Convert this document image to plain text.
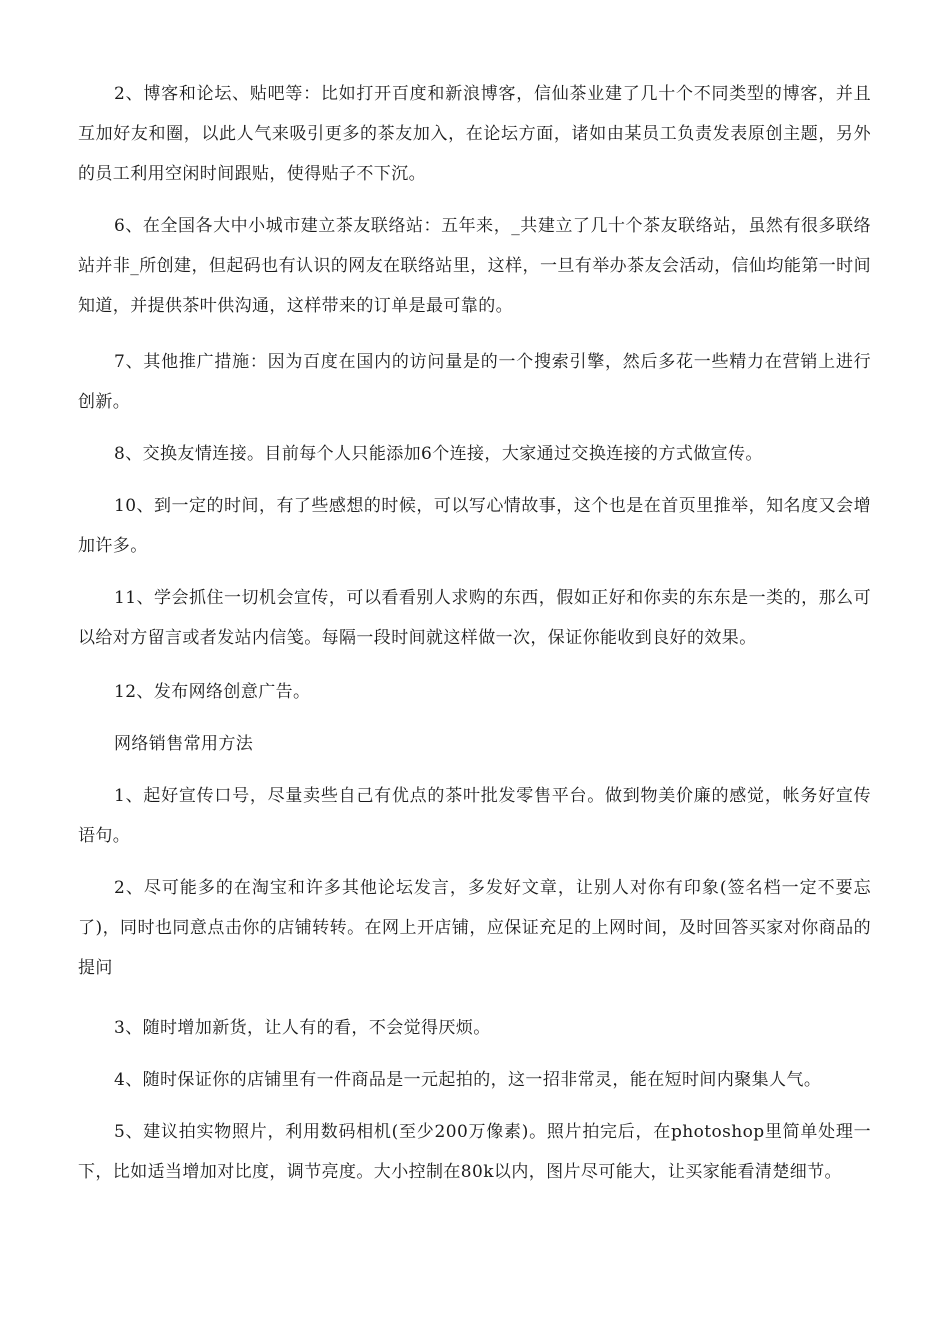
2、博客和论坛、贴吧等：比如打开百度和新浪博客，信仙茶业建了几十个不同类型的博客，并且互加好友和圈，以此人气来吸引更多的茶友加入，在论坛方面，诸如由某员工负责发表原创主题，另外的员工利用空闲时间跟贴，使得贴子不下沉。

6、在全国各大中小城市建立茶友联络站：五年来，_共建立了几十个茶友联络站，虽然有很多联络站并非_所创建，但起码也有认识的网友在联络站里，这样，一旦有举办茶友会活动，信仙均能第一时间知道，并提供茶叶供沟通，这样带来的订单是最可靠的。

7、其他推广措施：因为百度在国内的访问量是的一个搜索引擎，然后多花一些精力在营销上进行创新。

8、交换友情连接。目前每个人只能添加6个连接，大家通过交换连接的方式做宣传。

10、到一定的时间，有了些感想的时候，可以写心情故事，这个也是在首页里推举，知名度又会增加许多。

11、学会抓住一切机会宣传，可以看看别人求购的东西，假如正好和你卖的东东是一类的，那么可以给对方留言或者发站内信笺。每隔一段时间就这样做一次，保证你能收到良好的效果。

12、发布网络创意广告。

网络销售常用方法

1、起好宣传口号，尽量卖些自己有优点的茶叶批发零售平台。做到物美价廉的感觉，帐务好宣传语句。

2、尽可能多的在淘宝和许多其他论坛发言，多发好文章，让别人对你有印象(签名档一定不要忘了)，同时也同意点击你的店铺转转。在网上开店铺，应保证充足的上网时间，及时回答买家对你商品的提问

3、随时增加新货，让人有的看，不会觉得厌烦。

4、随时保证你的店铺里有一件商品是一元起拍的，这一招非常灵，能在短时间内聚集人气。

5、建议拍实物照片，利用数码相机(至少200万像素)。照片拍完后，在photoshop里简单处理一下，比如适当增加对比度，调节亮度。大小控制在80k以内，图片尽可能大，让买家能看清楚细节。
